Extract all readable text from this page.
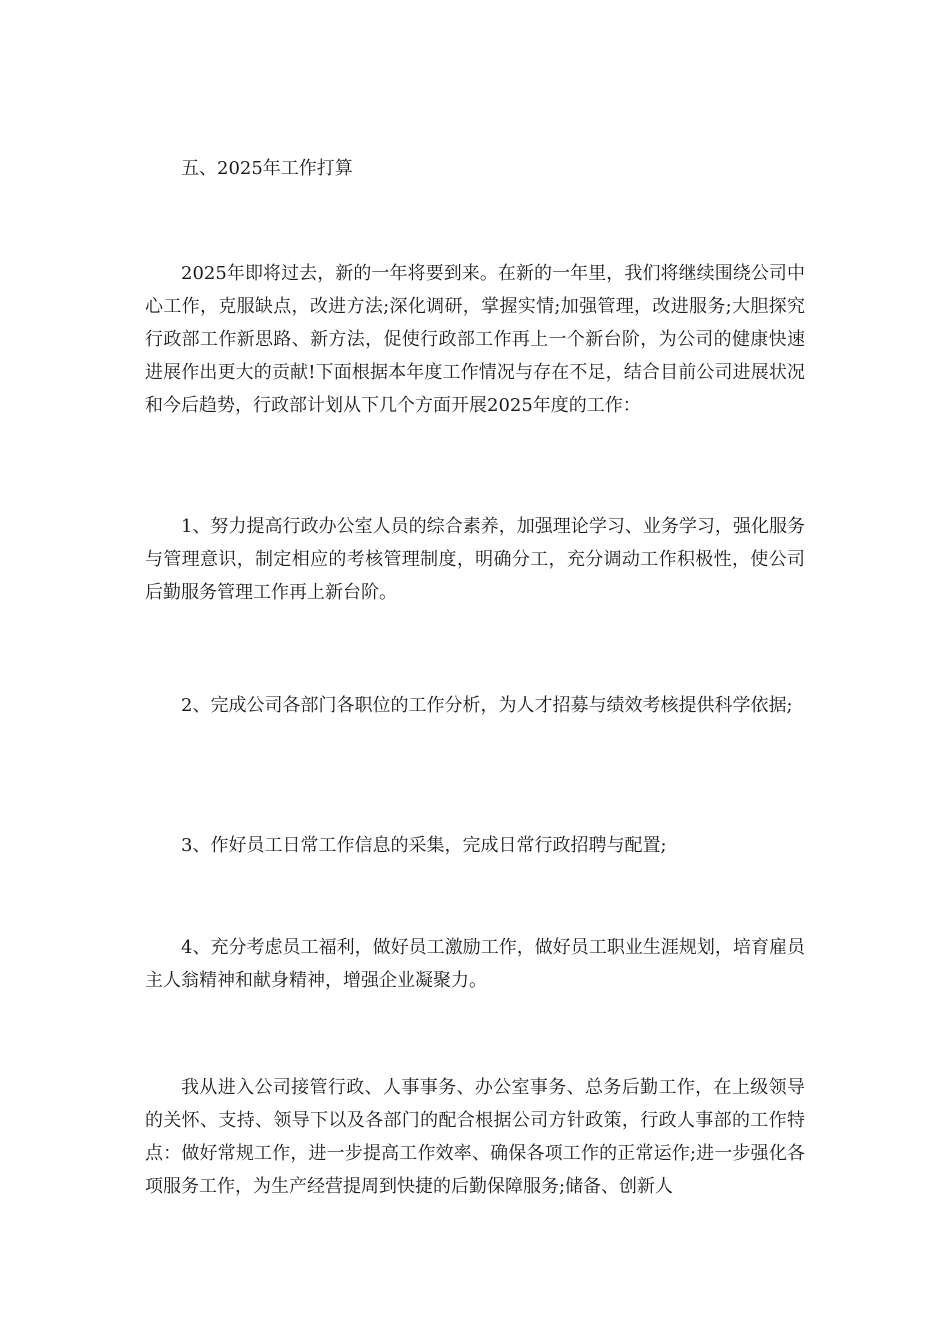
五、2025年工作打算

2025年即将过去，新的一年将要到来。在新的一年里，我们将继续围绕公司中心工作，克服缺点，改进方法;深化调研，掌握实情;加强管理，改进服务;大胆探究行政部工作新思路、新方法，促使行政部工作再上一个新台阶，为公司的健康快速进展作出更大的贡献!下面根据本年度工作情况与存在不足，结合目前公司进展状况和今后趋势，行政部计划从下几个方面开展2025年度的工作：

1、努力提高行政办公室人员的综合素养，加强理论学习、业务学习，强化服务与管理意识，制定相应的考核管理制度，明确分工，充分调动工作积极性，使公司后勤服务管理工作再上新台阶。

2、完成公司各部门各职位的工作分析，为人才招募与绩效考核提供科学依据;

3、作好员工日常工作信息的采集，完成日常行政招聘与配置;

4、充分考虑员工福利，做好员工激励工作，做好员工职业生涯规划，培育雇员主人翁精神和献身精神，增强企业凝聚力。

我从进入公司接管行政、人事事务、办公室事务、总务后勤工作，在上级领导的关怀、支持、领导下以及各部门的配合根据公司方针政策，行政人事部的工作特点：做好常规工作，进一步提高工作效率、确保各项工作的正常运作;进一步强化各项服务工作，为生产经营提周到快捷的后勤保障服务;储备、创新人
